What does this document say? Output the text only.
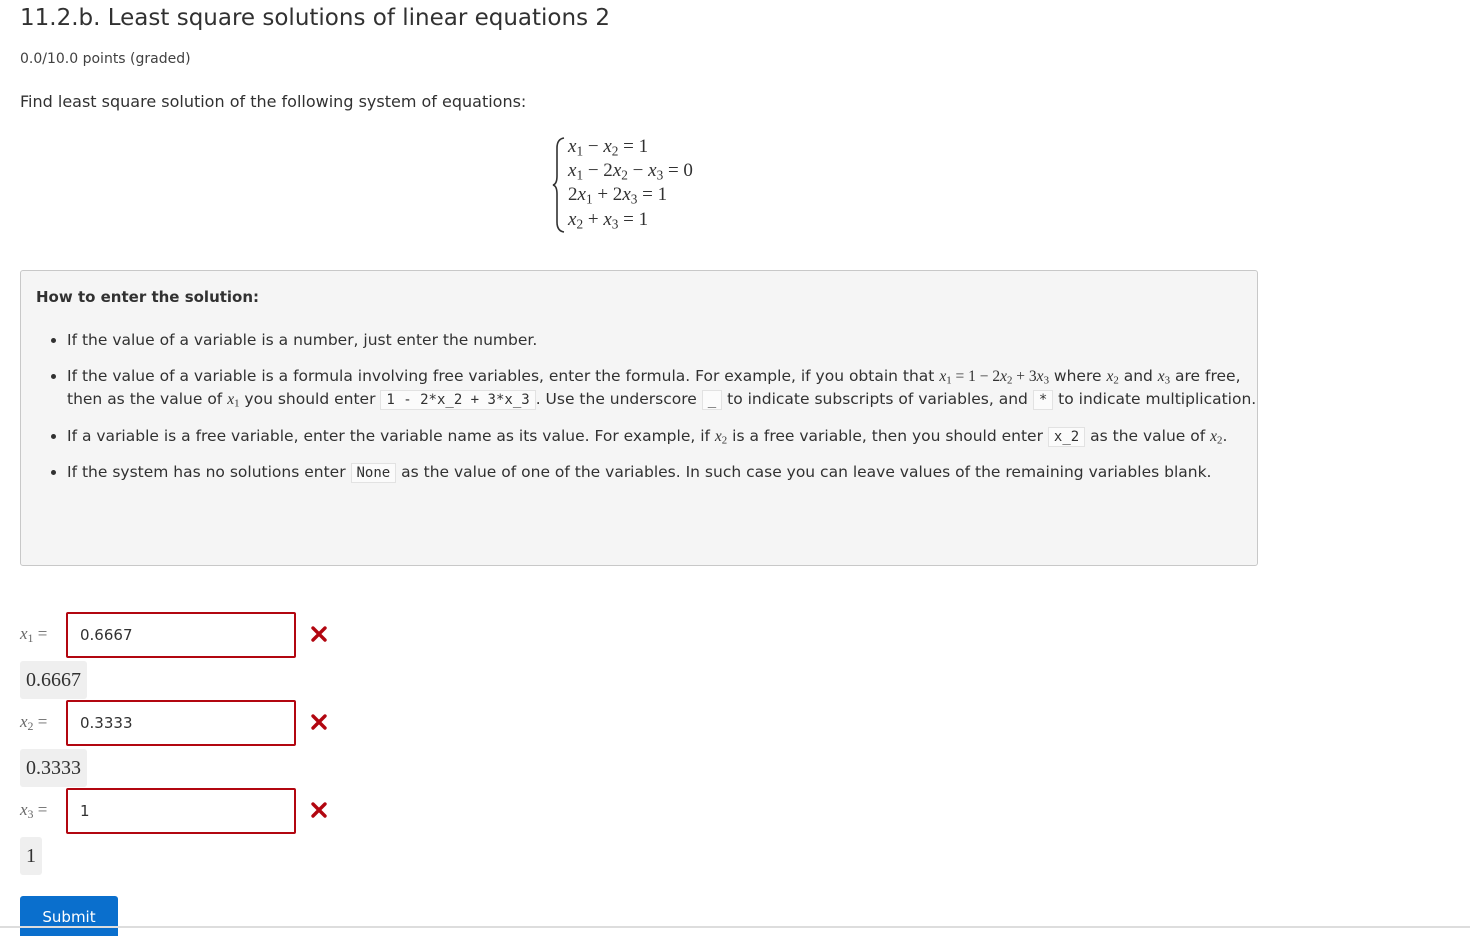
11.2.b. Least square solutions of linear equations 2
0.0/10.0 points (graded)
Find least square solution of the following system of equations:
$x_1 - x_2 = 1$
$x_1 - 2x_2 - x_3 = 0$
$2x_1 + 2x_3 = 1$
$x_2 + x_3 = 1$
How to enter the solution:
• If the value of a variable is a number, just enter the number.
• If the value of a variable is a formula involving free variables, enter the formula. For example, if you obtain that $x_1 = 1 - 2x_2 + 3x_3$ where $x_2$ and $x_3$ are free, then as the value of $x_1$ you should enter 1 - 2*x_2 + 3*x_3 . Use the underscore _ to indicate subscripts of variables, and * to indicate multiplication.
• If a variable is a free variable, enter the variable name as its value. For example, if $x_2$ is a free variable, then you should enter x_2 as the value of $x_2$.
• If the system has no solutions enter None as the value of one of the variables. In such case you can leave values of the remaining variables blank.
$x_1$ =
0.6667
0.6667
$x_2$ =
0.3333
0.3333
$x_3$ =
1
1
Submit
